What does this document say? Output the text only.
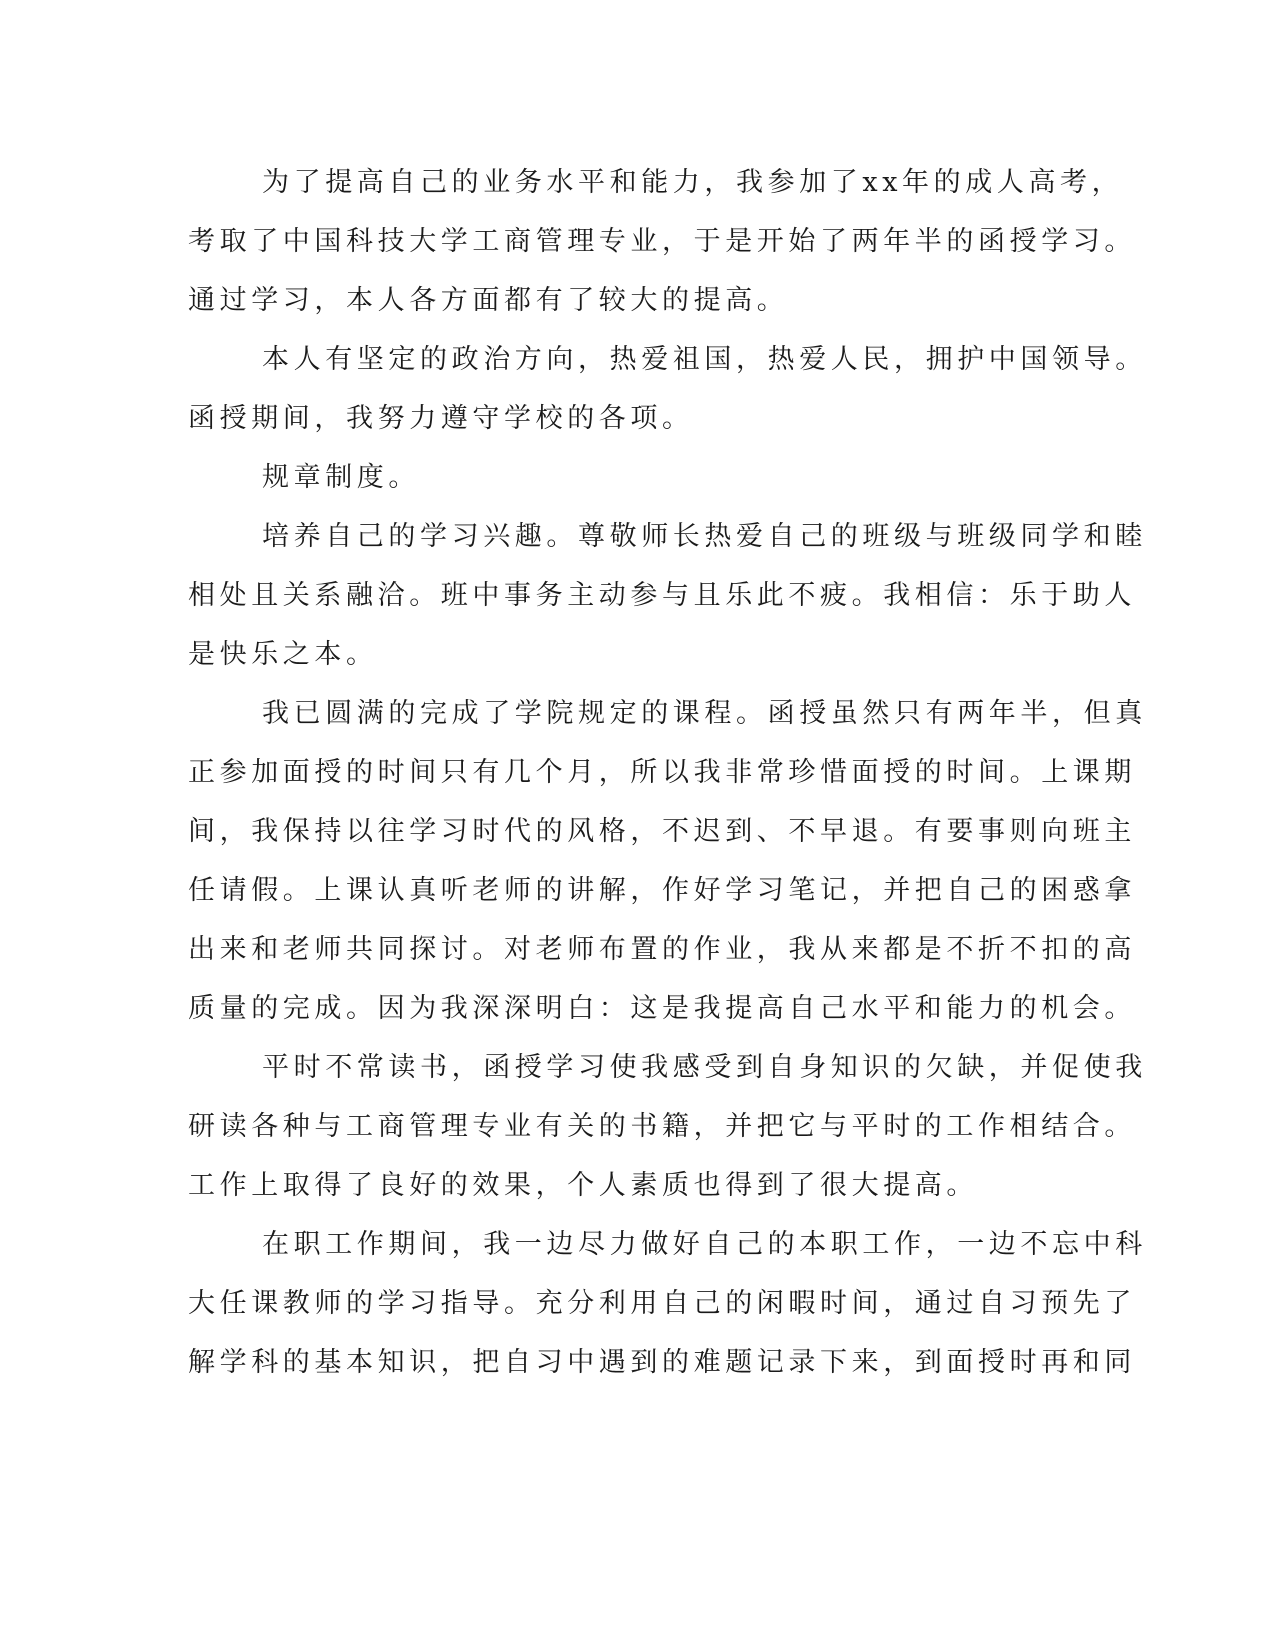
为了提高自己的业务水平和能力，我参加了xx年的成人高考，
考取了中国科技大学工商管理专业，于是开始了两年半的函授学习。
通过学习，本人各方面都有了较大的提高。
本人有坚定的政治方向，热爱祖国，热爱人民，拥护中国领导。
函授期间，我努力遵守学校的各项。
规章制度。
培养自己的学习兴趣。尊敬师长热爱自己的班级与班级同学和睦
相处且关系融洽。班中事务主动参与且乐此不疲。我相信：乐于助人
是快乐之本。
我已圆满的完成了学院规定的课程。函授虽然只有两年半，但真
正参加面授的时间只有几个月，所以我非常珍惜面授的时间。上课期
间，我保持以往学习时代的风格，不迟到、不早退。有要事则向班主
任请假。上课认真听老师的讲解，作好学习笔记，并把自己的困惑拿
出来和老师共同探讨。对老师布置的作业，我从来都是不折不扣的高
质量的完成。因为我深深明白：这是我提高自己水平和能力的机会。
平时不常读书，函授学习使我感受到自身知识的欠缺，并促使我
研读各种与工商管理专业有关的书籍，并把它与平时的工作相结合。
工作上取得了良好的效果，个人素质也得到了很大提高。
在职工作期间，我一边尽力做好自己的本职工作，一边不忘中科
大任课教师的学习指导。充分利用自己的闲暇时间，通过自习预先了
解学科的基本知识，把自习中遇到的难题记录下来，到面授时再和同
